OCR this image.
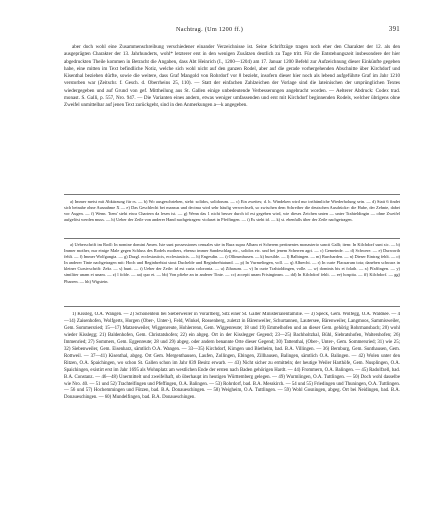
Nachtrag. (Um 1200 ff.)	391

aber doch wohl eine Zusammenschreibung verschiedener einander Verzeichnisse ist. Seine Schriftzüge tragen noch eher den Charakter der 12. als den ausgeprägten Charakter der 13. Jahrhunderts, wohl* letzterer erst in den wenigen Zusätzen deutlich zu Tage tritt. Für die Entstehungszeit insbesondere der hier abgedruckten Theile kommen in Betracht die Angaben, dass Abt Heinrich (I., 1200—1204) am 17. Januar 1200 Befehl zur Aufzeichnung dieser Einkünfte gegeben habe, eine mitten im Text befindliche Notiz, welche sich wohl nicht auf den ganzen Rodel, aber auf die gerade vorhergehenden Abschnitte über Kirchdorf und Kisenthal beziehen dürfte, sowie die weitere, dass Graf Mangold von Rohrdorf vor 8 bezieht, insofern dieser hier noch als lebend aufgeführte Graf im Jahr 1210 verstorben war (Zeitschr. f. Gesch. d. Oberrheins 25, 110). — Statt der einfachen Zahlzeichen der Vorlage sind die lateinischen der ursprünglichen Textes wiedergegeben und auf Grund von gef. Mittheilung aus St. Gallen einige unbedeutende Verbesserungen angebracht worden. — Aelterer Abdruck: Codex trad. monast. S. Galli, p. 557, Nro. 947. — Die Varianten eines andern, etwas weniger umfassenden und erst mit Kirchdorf beginnenden Rodels, welcher übrigens ohne Zweifel unmittelbar auf jenen Text zurückgeht, sind in den Anmerkungen a—k angegeben.

a) Immer meist mit Abkürzung für rs. — b) Wo ausgeschrieben, steht: solidos, solidorum. — c) Ein zweites; d. h. Windeken wird nur irrthümliche Wiederholung sein. — d) Statt 6 findet sich beinahe ohne Ausnahme X — e) Das Geschlecht bei mansus und decima wird sehr häufig verwechselt, so zwischen dem Schreiber die deutschen Ausdrücke: die Hube, der Zehnte, dabei vor Augen. — f) Wenn. 'Item' steht etwa Chartern da lesen ist. — g) Wenn das 1 nicht besser durch id est gegeben wird, wie dieses Zeichen unten — unter Trahteldingin — ohne Zweifel aufgelöst werden muss. — h) Ueber der Zeile von anderer Hand nachgetragen: violaset in Pfeffingen. — i) Es steht id. — k) st. ebenfalls über der Zeile nachgetragen.

a) Ueberschrift im Rodl: In nomine domini Amen. Iste sunt possessiones cenuales site in Bura supra Albam et Scherem pertinentes monasterio sancti Galli; item: In Kilchdorf sunt sic. — b) Immer mother, nur einige Male gegen Schluss des Rodels mothers, ebenso immer Sandeschlag etc., solidos etc. und bei jenem Scherren agri. — c) Gemeinde. — d) Schwere. — e) Durworth fehlt. — f) Immer Wolfgangia. — g) Dazgl. ecclesiasticis, ecclesiasticis. — h) Engesdin. — i) Ollinsmhusen. — k) bursilde. — l) Balbingen. — m) Burcharden. — n) Dieser Eintrag fehlt. — o) In anderer Tinte nachgetragen mit: Hoch und Reginbrehtat stout Duchelde und Reginbrehtatund. — p) In Vurmelingen, voll. — q) Albrecht. — r) In curte Flacuarum tota; daneben schwarz in kleiner Cursivschrift: Zekr. — s) hunt. — t) Ueber der Zeile: id est curia coloronia. — u) Zihasum. — v) In curte Trahtoldingen, volle. — w) dominis bis et folath. — x) Pfaffingen. — y) similiter unam et unam. — z) l folde. — aa) quo et. — bb) Von pfiebe an in anderer Tinte. — cc) accepit unam Frisinginsm. — dd) In Kilchdorf fehlt. — ee) hospita. — ff) Kilchdorf. — gg) Pharren. — hh) Wigstein.

1) Kissleg, O.A. Wangen. — 2) Schönentein bei Sieberweiler in Vorarlberg, Sitz einer St. Galler Ministerialenfamilie. — 3) Speck, Gem. Wolfegg, O.A. Waldsee. — 4—14) Zaisenhofen, Wolfgerts, Horgen (Ober-, Unter-), Feld, Winkel, Rossenberg, zuletzt in Bärenweiler, Schurtannen, Lautersee, Bärenweiler, Langmoos, Sammisweiler, Gem. Sommersried; 15—17) Matzenweiler, Wiggenreute, Hohlerrenn, Gem. Wiggenreute; 18 und 19) Emmelhofen und an dieser Gem. gehörig Rohrmansbach; 20) wohl wieder Kisslegg; 21) Baldenhofen, Gem. Christatshofen; 22) ein abgeg. Ort in der Kisslegger Gegend; 23—25) Bachholtzhal, Bühl, Siebratshofen, Waltershofen; 26) Immenried; 27) Sommers, Gem. Eggenreute; 28 und 29) abgeg. oder andern benannte Orte dieser Gegend; 30) Tattenthal, (Ober-, Unter-, Gem. Sommersried; 31) wie 25; 32) Siebenweiler, Gem. Eisenharz, sämtlich O.A. Wangen. — 33—35) Kirchdorf, Kirngen und Bietheim, bad. B.A. Villingen. — 36) Bernburg, Gem. Sunthausen, Gem. Rottweil. — 37—41) Kisenthal, abgeg. Ort Gem. Mergenthausen, Laufen, Zollingen, Ebingen, Zillhausen, Balingen, sämtlich O.A. Balingen. — 42) Wolen unter den Ritzen, O.A. Spaichingen, wo schon St. Gallen schon im Jahr 839 Besitz erwarb. — 43) Nicht sicher zu ermitteln; der heutige Weiler Harthöfe, Gem. Nusplingen, O.A. Spaichingen, existirt erst im Jahr 1695 als Wohnplatz am westlichen Ende der ersten nach Baden gehörigen Hardt. — 44) Frommern, O.A. Balingen. — 45) Radolfzell, bad. B.A. Constanz. — 46—48) Unermittelt und zweifelhaft, ob überhaupt im heutigen Württemberg gelegen. — 49) Wurmlingen, O.A. Tuttlingen. — 50) Doch wohl dasselbe wie Nro. 40. — 51 und 52) Trachtelfingen und Pfeffingen, O.A. Balingen. — 53) Rohrdorf, bad. B.A. Messkirch. — 54 und 55) Friedingen und Thuningen, O.A. Tuttlingen. — 56 und 57) Hochemmingen und Fützen, bad. B.A. Donaueschingen. — 58) Weigheim, O.A. Tuttlingen. — 59) Wohl Gosningen, abgeg. Ort bei Neidingen, bad. B.A. Donaueschingen. — 60) Mundelfingen, bad. B.A. Donaueschingen.
